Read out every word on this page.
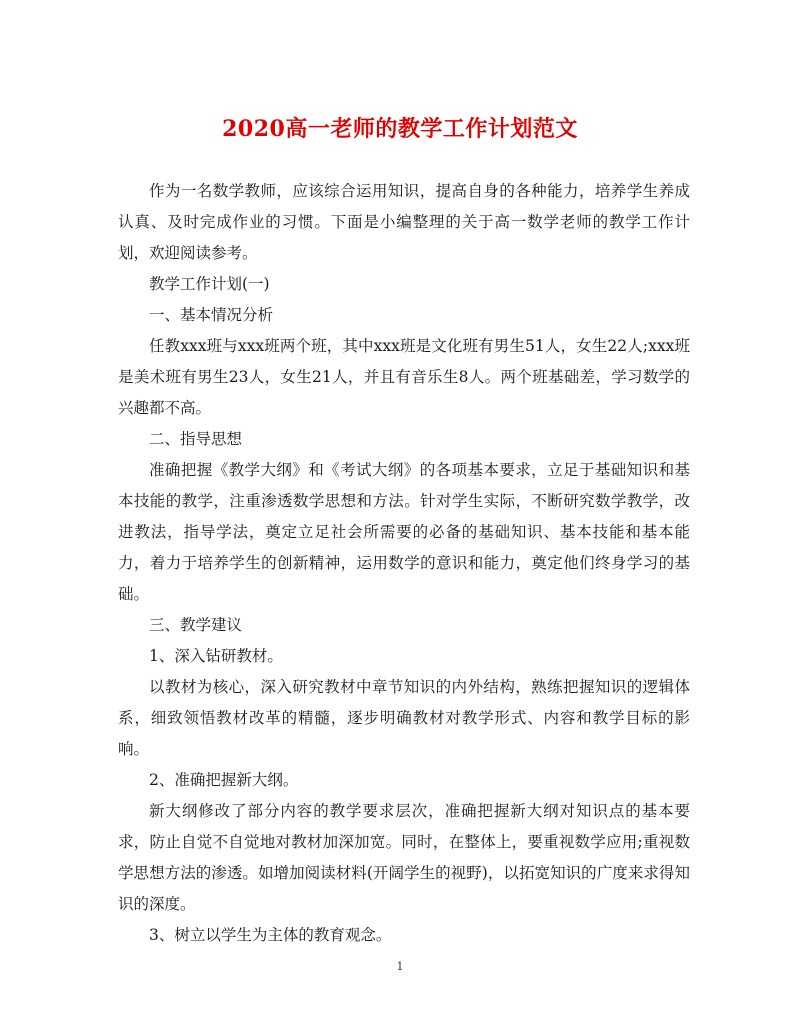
2020高一老师的教学工作计划范文

作为一名数学教师，应该综合运用知识，提高自身的各种能力，培养学生养成认真、及时完成作业的习惯。下面是小编整理的关于高一数学老师的教学工作计划，欢迎阅读参考。

教学工作计划(一)

一、基本情况分析

任教xxx班与xxx班两个班，其中xxx班是文化班有男生51人，女生22人;xxx班是美术班有男生23人，女生21人，并且有音乐生8人。两个班基础差，学习数学的兴趣都不高。

二、指导思想

准确把握《教学大纲》和《考试大纲》的各项基本要求，立足于基础知识和基本技能的教学，注重渗透数学思想和方法。针对学生实际，不断研究数学教学，改进教法，指导学法，奠定立足社会所需要的必备的基础知识、基本技能和基本能力，着力于培养学生的创新精神，运用数学的意识和能力，奠定他们终身学习的基础。

三、教学建议

1、深入钻研教材。

以教材为核心，深入研究教材中章节知识的内外结构，熟练把握知识的逻辑体系，细致领悟教材改革的精髓，逐步明确教材对教学形式、内容和教学目标的影响。

2、准确把握新大纲。

新大纲修改了部分内容的教学要求层次，准确把握新大纲对知识点的基本要求，防止自觉不自觉地对教材加深加宽。同时，在整体上，要重视数学应用;重视数学思想方法的渗透。如增加阅读材料(开阔学生的视野)，以拓宽知识的广度来求得知识的深度。

3、树立以学生为主体的教育观念。

1
